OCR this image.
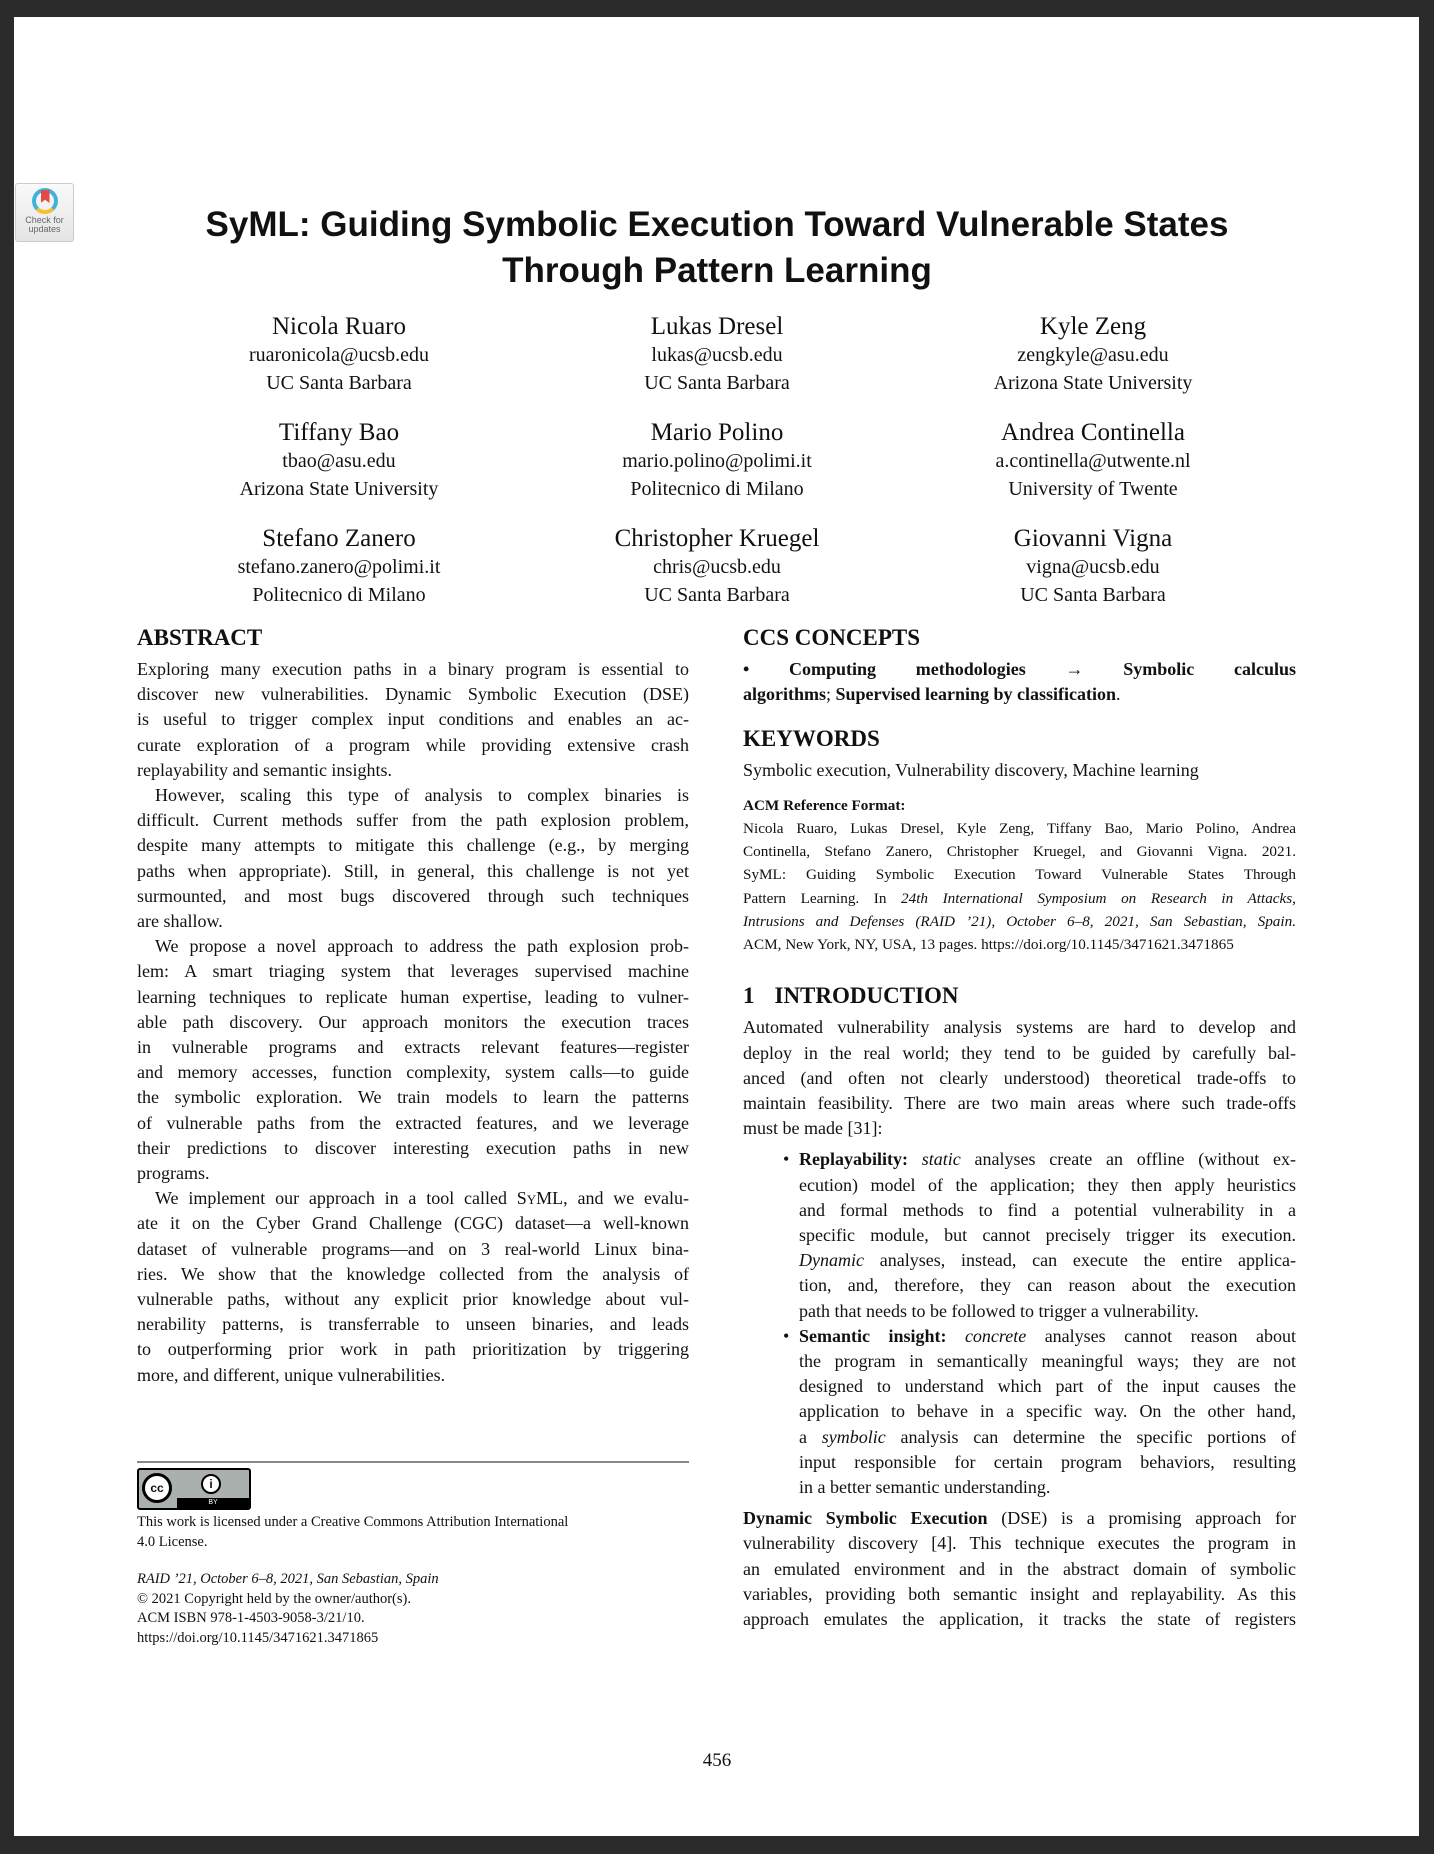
Check for
updates	SyML: Guiding Symbolic Execution Toward Vulnerable States
Through Pattern Learning
Nicola Ruaro
ruaronicola@ucsb.edu
UC Santa Barbara
Lukas Dresel
lukas@ucsb.edu
UC Santa Barbara
Kyle Zeng
zengkyle@asu.edu
Arizona State University
Tiffany Bao
tbao@asu.edu
Arizona State University
Mario Polino
mario.polino@polimi.it
Politecnico di Milano
Andrea Continella
a.continella@utwente.nl
University of Twente
Stefano Zanero
stefano.zanero@polimi.it
Politecnico di Milano
Christopher Kruegel
chris@ucsb.edu
UC Santa Barbara
Giovanni Vigna
vigna@ucsb.edu
UC Santa Barbara
ABSTRACT
Exploring many execution paths in a binary program is essential to
discover new vulnerabilities. Dynamic Symbolic Execution (DSE)
is useful to trigger complex input conditions and enables an ac-
curate exploration of a program while providing extensive crash
replayability and semantic insights.
However, scaling this type of analysis to complex binaries is
difficult. Current methods suffer from the path explosion problem,
despite many attempts to mitigate this challenge (e.g., by merging
paths when appropriate). Still, in general, this challenge is not yet
surmounted, and most bugs discovered through such techniques
are shallow.
We propose a novel approach to address the path explosion prob-
lem: A smart triaging system that leverages supervised machine
learning techniques to replicate human expertise, leading to vulner-
able path discovery. Our approach monitors the execution traces
in vulnerable programs and extracts relevant features—register
and memory accesses, function complexity, system calls—to guide
the symbolic exploration. We train models to learn the patterns
of vulnerable paths from the extracted features, and we leverage
their predictions to discover interesting execution paths in new
programs.
We implement our approach in a tool called SyML, and we evalu-
ate it on the Cyber Grand Challenge (CGC) dataset—a well-known
dataset of vulnerable programs—and on 3 real-world Linux bina-
ries. We show that the knowledge collected from the analysis of
vulnerable paths, without any explicit prior knowledge about vul-
nerability patterns, is transferrable to unseen binaries, and leads
to outperforming prior work in path prioritization by triggering
more, and different, unique vulnerabilities.
cc	i
BY
This work is licensed under a Creative Commons Attribution International
4.0 License.
RAID ’21, October 6–8, 2021, San Sebastian, Spain
© 2021 Copyright held by the owner/author(s).
ACM ISBN 978-1-4503-9058-3/21/10.
https://doi.org/10.1145/3471621.3471865
CCS CONCEPTS
• Computing methodologies → Symbolic calculus
algorithms; Supervised learning by classification.
KEYWORDS
Symbolic execution, Vulnerability discovery, Machine learning
ACM Reference Format:
Nicola Ruaro, Lukas Dresel, Kyle Zeng, Tiffany Bao, Mario Polino, Andrea
Continella, Stefano Zanero, Christopher Kruegel, and Giovanni Vigna. 2021.
SyML: Guiding Symbolic Execution Toward Vulnerable States Through
Pattern Learning. In 24th International Symposium on Research in Attacks,
Intrusions and Defenses (RAID ’21), October 6–8, 2021, San Sebastian, Spain.
ACM, New York, NY, USA, 13 pages. https://doi.org/10.1145/3471621.3471865
1 INTRODUCTION
Automated vulnerability analysis systems are hard to develop and
deploy in the real world; they tend to be guided by carefully bal-
anced (and often not clearly understood) theoretical trade-offs to
maintain feasibility. There are two main areas where such trade-offs
must be made [31]:
• Replayability: static analyses create an offline (without ex-
ecution) model of the application; they then apply heuristics
and formal methods to find a potential vulnerability in a
specific module, but cannot precisely trigger its execution.
Dynamic analyses, instead, can execute the entire applica-
tion, and, therefore, they can reason about the execution
path that needs to be followed to trigger a vulnerability.
• Semantic insight: concrete analyses cannot reason about
the program in semantically meaningful ways; they are not
designed to understand which part of the input causes the
application to behave in a specific way. On the other hand,
a symbolic analysis can determine the specific portions of
input responsible for certain program behaviors, resulting
in a better semantic understanding.
Dynamic Symbolic Execution (DSE) is a promising approach for
vulnerability discovery [4]. This technique executes the program in
an emulated environment and in the abstract domain of symbolic
variables, providing both semantic insight and replayability. As this
approach emulates the application, it tracks the state of registers
456
